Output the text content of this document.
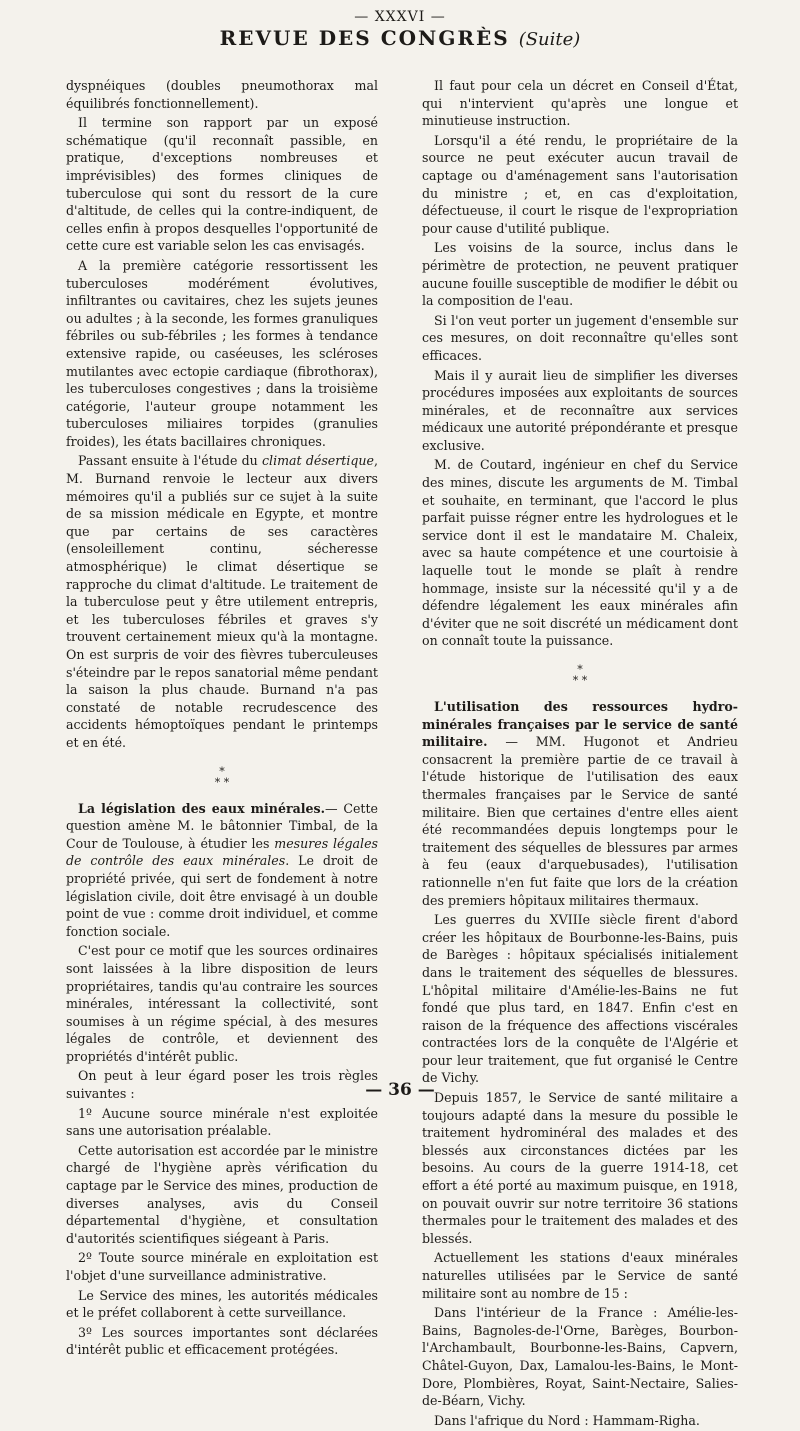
— XXXVI —
REVUE DES CONGRÈS (Suite)

dyspnéiques (doubles pneumothorax mal équilibrés fonctionnellement).

Il termine son rapport par un exposé schématique (qu'il reconnaît passible, en pratique, d'exceptions nombreuses et imprévisibles) des formes cliniques de tuberculose qui sont du ressort de la cure d'altitude, de celles qui la contre-indiquent, de celles enfin à propos desquelles l'opportunité de cette cure est variable selon les cas envisagés.

A la première catégorie ressortissent les tuberculoses modérément évolutives, infiltrantes ou cavitaires, chez les sujets jeunes ou adultes ; à la seconde, les formes granuliques fébriles ou sub-fébriles ; les formes à tendance extensive rapide, ou caséeuses, les scléroses mutilantes avec ectopie cardiaque (fibrothorax), les tuberculoses congestives ; dans la troisième catégorie, l'auteur groupe notamment les tuberculoses miliaires torpides (granulies froides), les états bacillaires chroniques.

Passant ensuite à l'étude du climat désertique, M. Burnand renvoie le lecteur aux divers mémoires qu'il a publiés sur ce sujet à la suite de sa mission médicale en Egypte, et montre que par certains de ses caractères (ensoleillement continu, sécheresse atmosphérique) le climat désertique se rapproche du climat d'altitude. Le traitement de la tuberculose peut y être utilement entrepris, et les tuberculoses fébriles et graves s'y trouvent certainement mieux qu'à la montagne. On est surpris de voir des fièvres tuberculeuses s'éteindre par le repos sanatorial même pendant la saison la plus chaude. Burnand n'a pas constaté de notable recrudescence des accidents hémoptoïques pendant le printemps et en été.

*
* *

La législation des eaux minérales.— Cette question amène M. le bâtonnier Timbal, de la Cour de Toulouse, à étudier les mesures légales de contrôle des eaux minérales. Le droit de propriété privée, qui sert de fondement à notre législation civile, doit être envisagé à un double point de vue : comme droit individuel, et comme fonction sociale.

C'est pour ce motif que les sources ordinaires sont laissées à la libre disposition de leurs propriétaires, tandis qu'au contraire les sources minérales, intéressant la collectivité, sont soumises à un régime spécial, à des mesures légales de contrôle, et deviennent des propriétés d'intérêt public.

On peut à leur égard poser les trois règles suivantes :

1º Aucune source minérale n'est exploitée sans une autorisation préalable.

Cette autorisation est accordée par le ministre chargé de l'hygiène après vérification du captage par le Service des mines, production de diverses analyses, avis du Conseil départemental d'hygiène, et consultation d'autorités scientifiques siégeant à Paris.

2º Toute source minérale en exploitation est l'objet d'une surveillance administrative.

Le Service des mines, les autorités médicales et le préfet collaborent à cette surveillance.

3º Les sources importantes sont déclarées d'intérêt public et efficacement protégées.

Il faut pour cela un décret en Conseil d'État, qui n'intervient qu'après une longue et minutieuse instruction.

Lorsqu'il a été rendu, le propriétaire de la source ne peut exécuter aucun travail de captage ou d'aménagement sans l'autorisation du ministre ; et, en cas d'exploitation, défectueuse, il court le risque de l'expropriation pour cause d'utilité publique.

Les voisins de la source, inclus dans le périmètre de protection, ne peuvent pratiquer aucune fouille susceptible de modifier le débit ou la composition de l'eau.

Si l'on veut porter un jugement d'ensemble sur ces mesures, on doit reconnaître qu'elles sont efficaces.

Mais il y aurait lieu de simplifier les diverses procédures imposées aux exploitants de sources minérales, et de reconnaître aux services médicaux une autorité prépondérante et presque exclusive.

M. de Coutard, ingénieur en chef du Service des mines, discute les arguments de M. Timbal et souhaite, en terminant, que l'accord le plus parfait puisse régner entre les hydrologues et le service dont il est le mandataire M. Chaleix, avec sa haute compétence et une courtoisie à laquelle tout le monde se plaît à rendre hommage, insiste sur la nécessité qu'il y a de défendre légalement les eaux minérales afin d'éviter que ne soit discrété un médicament dont on connaît toute la puissance.

*
* *

L'utilisation des ressources hydro-minérales françaises par le service de santé militaire. — MM. Hugonot et Andrieu consacrent la première partie de ce travail à l'étude historique de l'utilisation des eaux thermales françaises par le Service de santé militaire. Bien que certaines d'entre elles aient été recommandées depuis longtemps pour le traitement des séquelles de blessures par armes à feu (eaux d'arquebusades), l'utilisation rationnelle n'en fut faite que lors de la création des premiers hôpitaux militaires thermaux.

Les guerres du XVIIIe siècle firent d'abord créer les hôpitaux de Bourbonne-les-Bains, puis de Barèges : hôpitaux spécialisés initialement dans le traitement des séquelles de blessures. L'hôpital militaire d'Amélie-les-Bains ne fut fondé que plus tard, en 1847. Enfin c'est en raison de la fréquence des affections viscérales contractées lors de la conquête de l'Algérie et pour leur traitement, que fut organisé le Centre de Vichy.

Depuis 1857, le Service de santé militaire a toujours adapté dans la mesure du possible le traitement hydrominéral des malades et des blessés aux circonstances dictées par les besoins. Au cours de la guerre 1914-18, cet effort a été porté au maximum puisque, en 1918, on pouvait ouvrir sur notre territoire 36 stations thermales pour le traitement des malades et des blessés.

Actuellement les stations d'eaux minérales naturelles utilisées par le Service de santé militaire sont au nombre de 15 :

Dans l'intérieur de la France : Amélie-les-Bains, Bagnoles-de-l'Orne, Barèges, Bourbon-l'Archambault, Bourbonne-les-Bains, Capvern, Châtel-Guyon, Dax, Lamalou-les-Bains, le Mont-Dore, Plombières, Royat, Saint-Nectaire, Salies-de-Béarn, Vichy.

Dans l'afrique du Nord : Hammam-Righa.

— 36 —
